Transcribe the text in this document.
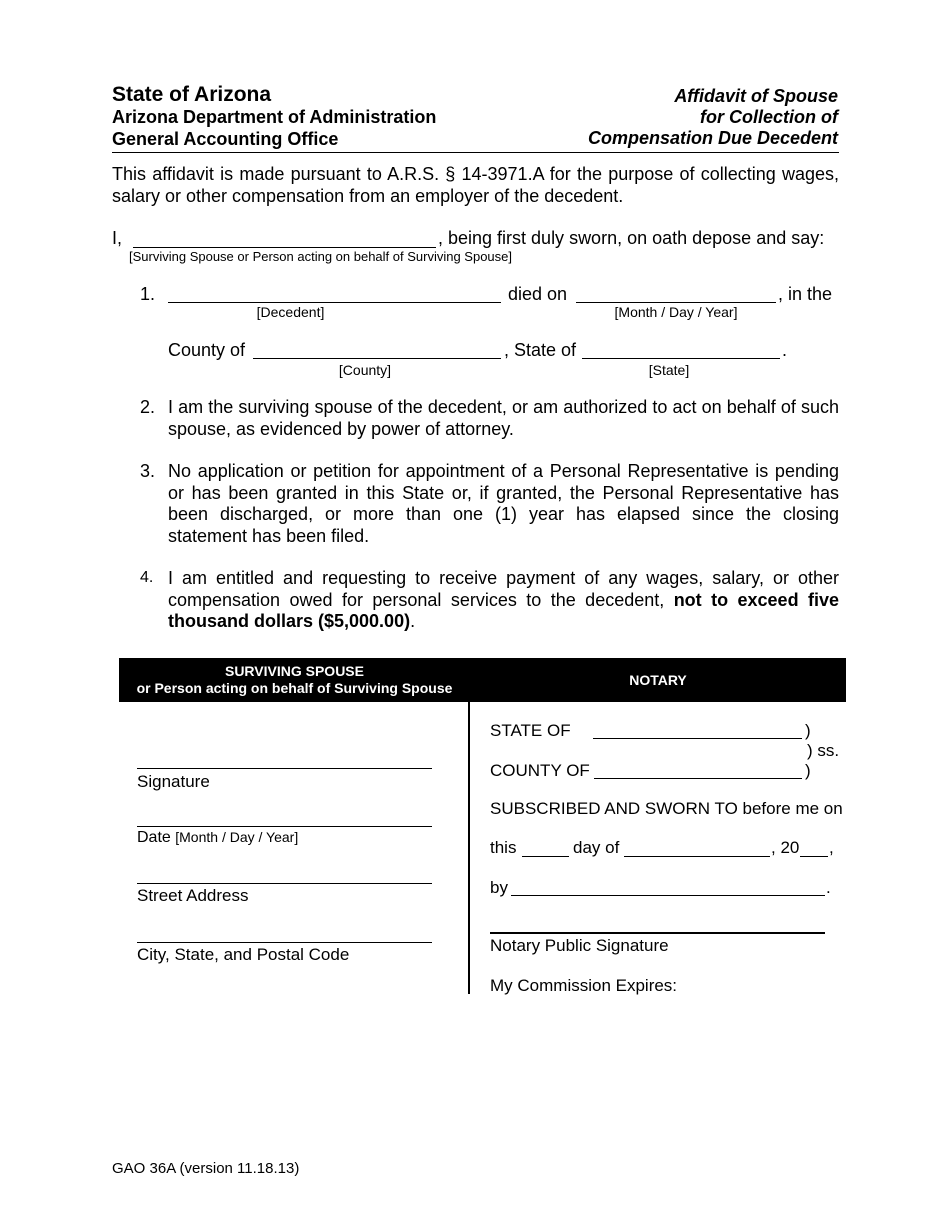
State of Arizona
Arizona Department of Administration
General Accounting Office
Affidavit of Spouse
for Collection of
Compensation Due Decedent
This affidavit is made pursuant to A.R.S. § 14-3971.A for the purpose of collecting wages, salary or other compensation from an employer of the decedent.
I,	, being first duly sworn, on oath depose and say:
[Surviving Spouse or Person acting on behalf of Surviving Spouse]
1.	died on	, in the
[Decedent]	[Month / Day / Year]
County of	, State of	.
[County]	[State]
2. I am the surviving spouse of the decedent, or am authorized to act on behalf of such spouse, as evidenced by power of attorney.
3. No application or petition for appointment of a Personal Representative is pending or has been granted in this State or, if granted, the Personal Representative has been discharged, or more than one (1) year has elapsed since the closing statement has been filed.
4. I am entitled and requesting to receive payment of any wages, salary, or other compensation owed for personal services to the decedent, not to exceed five thousand dollars ($5,000.00).
SURVIVING SPOUSE
or Person acting on behalf of Surviving Spouse	NOTARY
Signature
Date [Month / Day / Year]
Street Address
City, State, and Postal Code
STATE OF	)
) ss.
COUNTY OF	)
SUBSCRIBED AND SWORN TO before me on
this	day of	, 20 ,
by	.
Notary Public Signature
My Commission Expires:
GAO 36A (version 11.18.13)
